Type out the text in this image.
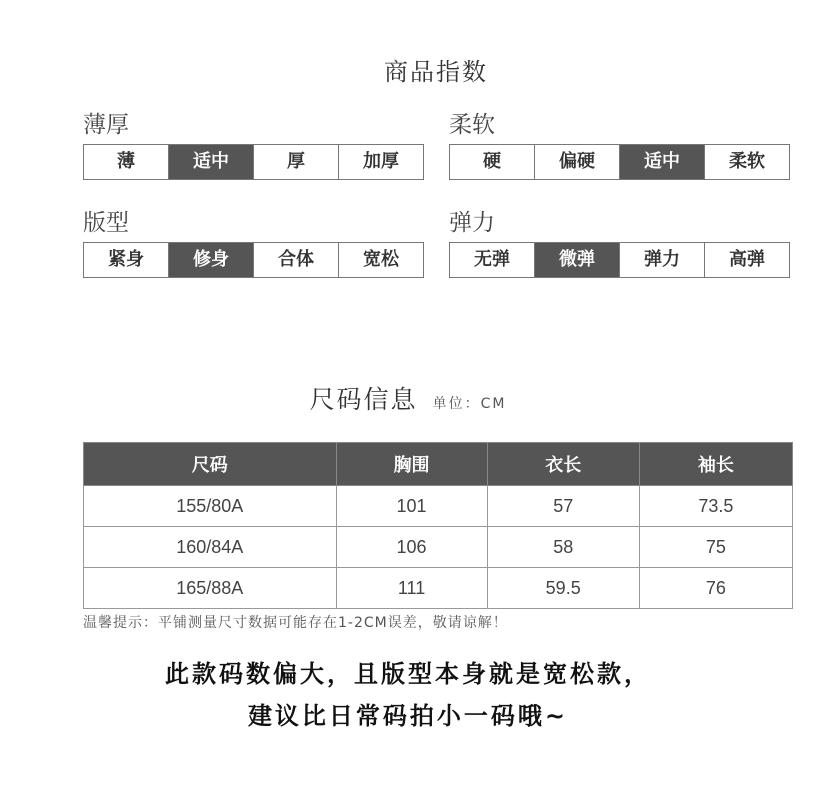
商品指数
薄厚
薄	适中	厚	加厚
柔软
硬	偏硬	适中	柔软
版型
紧身	修身	合体	宽松
弹力
无弹	微弹	弹力	高弹
尺码信息 单位：CM
尺码	胸围	衣长	袖长
155/80A	101	57	73.5
160/84A	106	58	75
165/88A	111	59.5	76
温馨提示：平铺测量尺寸数据可能存在1-2CM误差，敬请谅解！
此款码数偏大，且版型本身就是宽松款，
建议比日常码拍小一码哦~
